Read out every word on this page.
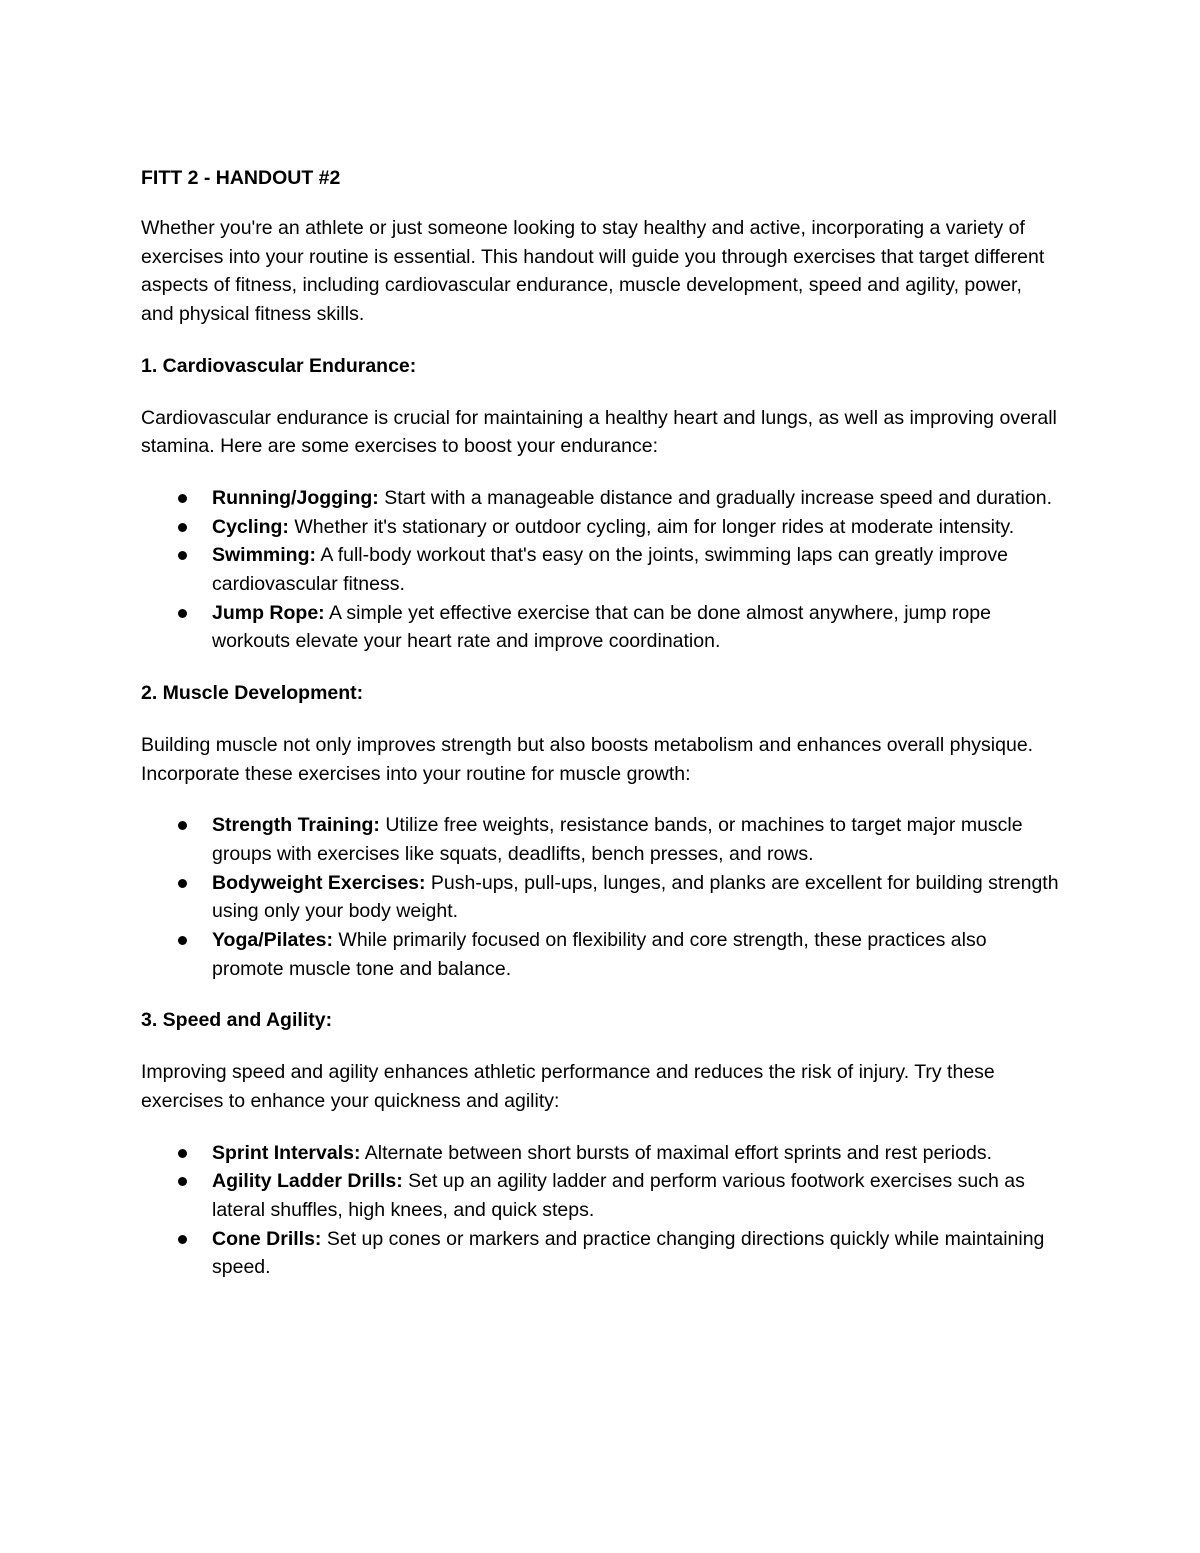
FITT 2 - HANDOUT #2
Whether you're an athlete or just someone looking to stay healthy and active, incorporating a variety of exercises into your routine is essential. This handout will guide you through exercises that target different aspects of fitness, including cardiovascular endurance, muscle development, speed and agility, power, and physical fitness skills.
1. Cardiovascular Endurance:
Cardiovascular endurance is crucial for maintaining a healthy heart and lungs, as well as improving overall stamina. Here are some exercises to boost your endurance:
Running/Jogging: Start with a manageable distance and gradually increase speed and duration.
Cycling: Whether it's stationary or outdoor cycling, aim for longer rides at moderate intensity.
Swimming: A full-body workout that's easy on the joints, swimming laps can greatly improve cardiovascular fitness.
Jump Rope: A simple yet effective exercise that can be done almost anywhere, jump rope workouts elevate your heart rate and improve coordination.
2. Muscle Development:
Building muscle not only improves strength but also boosts metabolism and enhances overall physique. Incorporate these exercises into your routine for muscle growth:
Strength Training: Utilize free weights, resistance bands, or machines to target major muscle groups with exercises like squats, deadlifts, bench presses, and rows.
Bodyweight Exercises: Push-ups, pull-ups, lunges, and planks are excellent for building strength using only your body weight.
Yoga/Pilates: While primarily focused on flexibility and core strength, these practices also promote muscle tone and balance.
3. Speed and Agility:
Improving speed and agility enhances athletic performance and reduces the risk of injury. Try these exercises to enhance your quickness and agility:
Sprint Intervals: Alternate between short bursts of maximal effort sprints and rest periods.
Agility Ladder Drills: Set up an agility ladder and perform various footwork exercises such as lateral shuffles, high knees, and quick steps.
Cone Drills: Set up cones or markers and practice changing directions quickly while maintaining speed.
